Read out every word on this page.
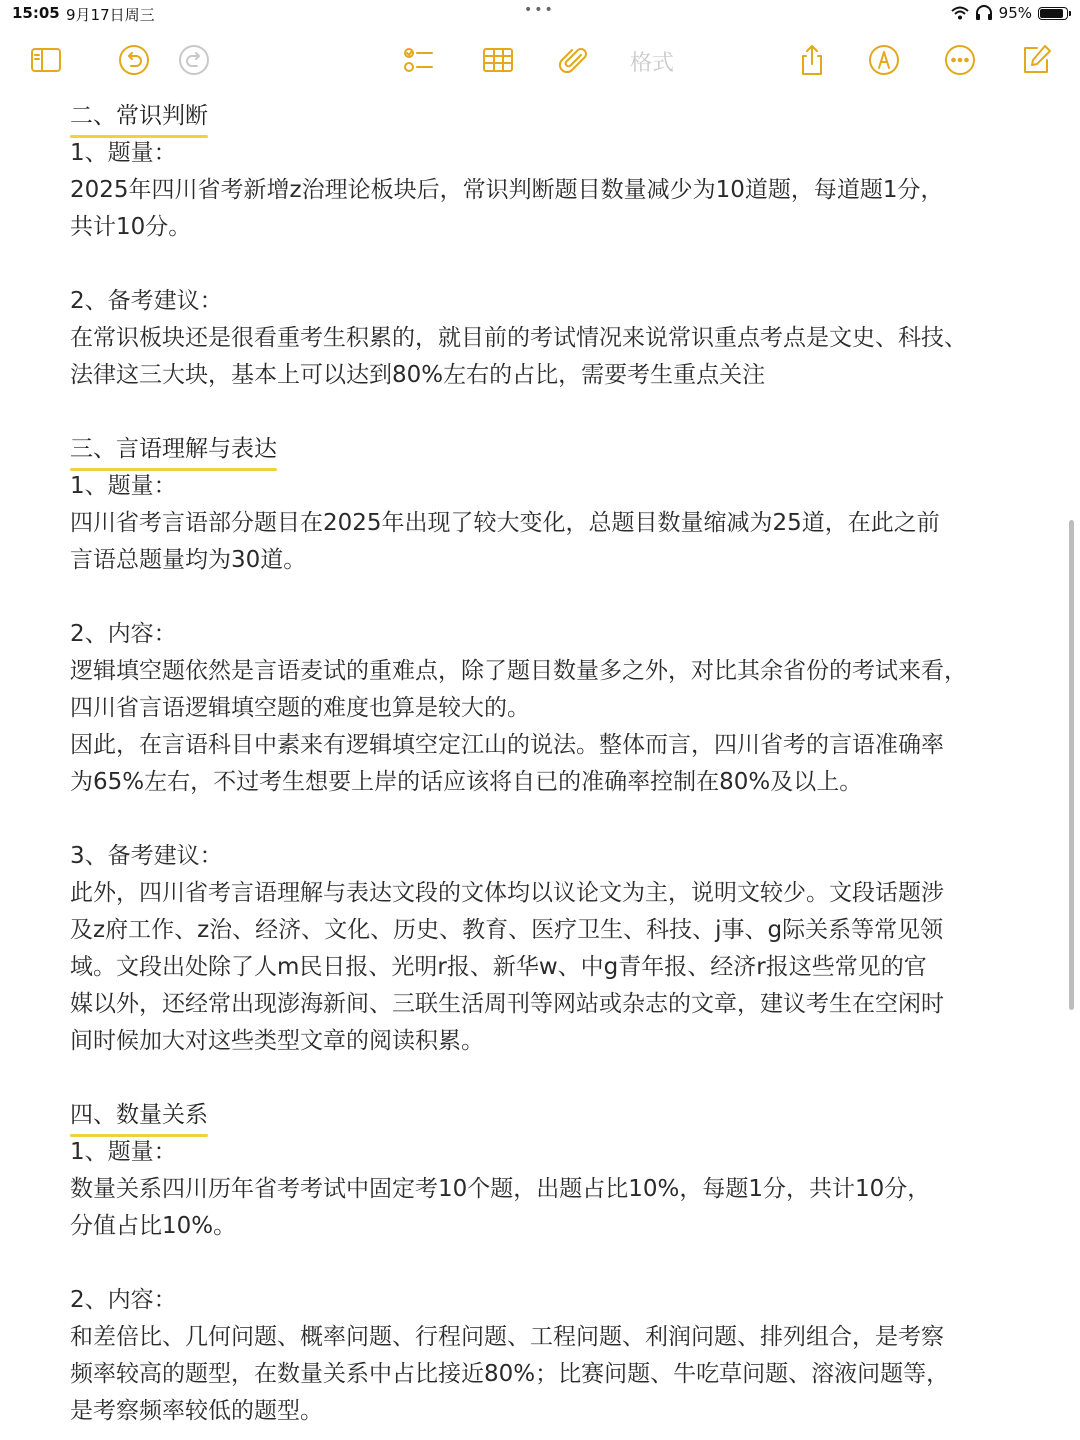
15:05 9月17日周三	•••	95%
格式
二、常识判断
1、题量：
2025年四川省考新增z治理论板块后，常识判断题目数量减少为10道题，每道题1分，
共计10分。
2、备考建议：
在常识板块还是很看重考生积累的，就目前的考试情况来说常识重点考点是文史、科技、
法律这三大块，基本上可以达到80%左右的占比，需要考生重点关注
三、言语理解与表达
1、题量：
四川省考言语部分题目在2025年出现了较大变化，总题目数量缩减为25道，在此之前
言语总题量均为30道。
2、内容：
逻辑填空题依然是言语麦试的重难点，除了题目数量多之外，对比其余省份的考试来看，
四川省言语逻辑填空题的难度也算是较大的。
因此，在言语科目中素来有逻辑填空定江山的说法。整体而言，四川省考的言语准确率
为65%左右，不过考生想要上岸的话应该将自已的准确率控制在80%及以上。
3、备考建议：
此外，四川省考言语理解与表达文段的文体均以议论文为主，说明文较少。文段话题涉
及z府工作、z治、经济、文化、历史、教育、医疗卫生、科技、j事、g际关系等常见领
域。文段出处除了人m民日报、光明r报、新华w、中g青年报、经济r报这些常见的官
媒以外，还经常出现澎海新间、三联生活周刊等网站或杂志的文章，建议考生在空闲时
间时候加大对这些类型文章的阅读积累。
四、数量关系
1、题量：
数量关系四川历年省考考试中固定考10个题，出题占比10%，每题1分，共计10分，
分值占比10%。
2、内容：
和差倍比、几何问题、概率问题、行程问题、工程问题、利润问题、排列组合，是考察
频率较高的题型，在数量关系中占比接近80%；比赛问题、牛吃草问题、溶液问题等，
是考察频率较低的题型。
